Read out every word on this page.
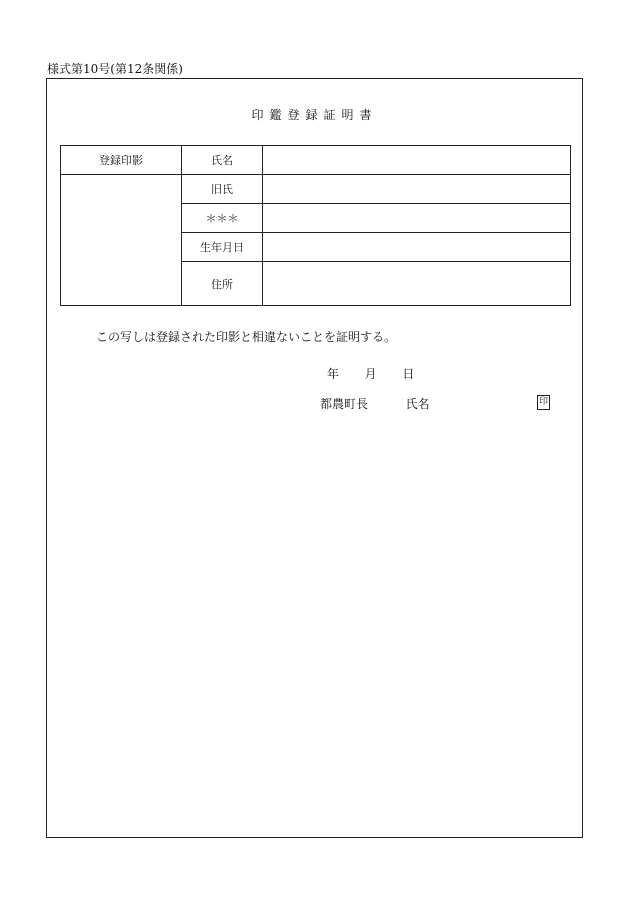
様式第10号(第12条関係)
印鑑登録証明書
登録印影	氏名	
	旧氏	
	＊＊＊	
	生年月日	
	住所	
この写しは登録された印影と相違ないことを証明する。
年 月 日
都農町長	氏名	印
